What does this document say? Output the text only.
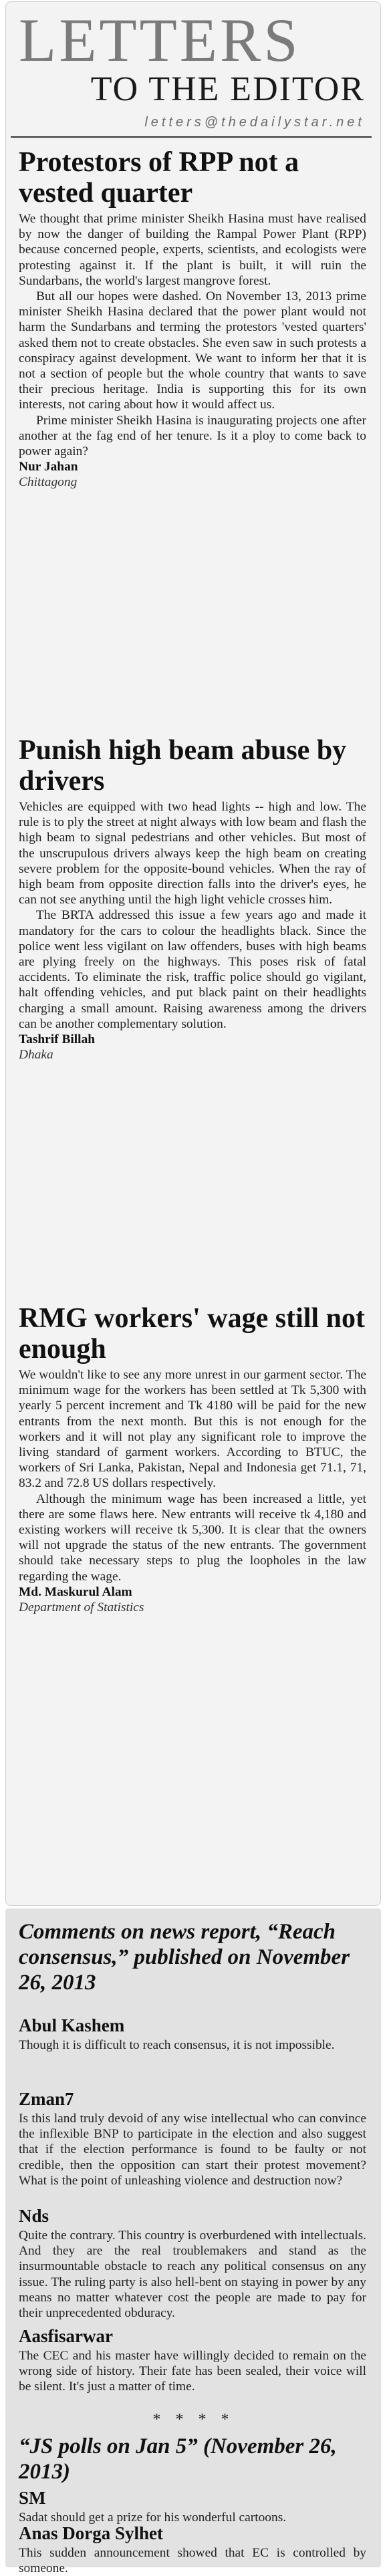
LETTERS
TO THE EDITOR
letters@thedailystar.net
Protestors of RPP not a vested quarter

We thought that prime minister Sheikh Hasina must have realised by now the danger of building the Rampal Power Plant (RPP) because concerned people, experts, scientists, and ecologists were protesting against it. If the plant is built, it will ruin the Sundarbans, the world's largest mangrove forest.

But all our hopes were dashed. On November 13, 2013 prime minister Sheikh Hasina declared that the power plant would not harm the Sundarbans and terming the protestors 'vested quarters' asked them not to create obstacles. She even saw in such protests a conspiracy against development. We want to inform her that it is not a section of people but the whole country that wants to save their precious heritage. India is supporting this for its own interests, not caring about how it would affect us.

Prime minister Sheikh Hasina is inaugurating projects one after another at the fag end of her tenure. Is it a ploy to come back to power again?

Nur Jahan
Chittagong
Punish high beam abuse by drivers

Vehicles are equipped with two head lights -- high and low. The rule is to ply the street at night always with low beam and flash the high beam to signal pedestrians and other vehicles. But most of the unscrupulous drivers always keep the high beam on creating severe problem for the opposite-bound vehicles. When the ray of high beam from opposite direction falls into the driver's eyes, he can not see anything until the high light vehicle crosses him.

The BRTA addressed this issue a few years ago and made it mandatory for the cars to colour the headlights black. Since the police went less vigilant on law offenders, buses with high beams are plying freely on the highways. This poses risk of fatal accidents. To eliminate the risk, traffic police should go vigilant, halt offending vehicles, and put black paint on their headlights charging a small amount. Raising awareness among the drivers can be another complementary solution.

Tashrif Billah
Dhaka
RMG workers' wage still not enough

We wouldn't like to see any more unrest in our garment sector. The minimum wage for the workers has been settled at Tk 5,300 with yearly 5 percent increment and Tk 4180 will be paid for the new entrants from the next month. But this is not enough for the workers and it will not play any significant role to improve the living standard of garment workers. According to BTUC, the workers of Sri Lanka, Pakistan, Nepal and Indonesia get 71.1, 71, 83.2 and 72.8 US dollars respectively.

Although the minimum wage has been increased a little, yet there are some flaws here. New entrants will receive tk 4,180 and existing workers will receive tk 5,300. It is clear that the owners will not upgrade the status of the new entrants. The government should take necessary steps to plug the loopholes in the law regarding the wage.

Md. Maskurul Alam
Department of Statistics
Comments on news report, “Reach consensus,” published on November 26, 2013
Abul Kashem
Though it is difficult to reach consensus, it is not impossible.
Zman7
Is this land truly devoid of any wise intellectual who can convince the inflexible BNP to participate in the election and also suggest that if the election performance is found to be faulty or not credible, then the opposition can start their protest movement? What is the point of unleashing violence and destruction now?
Nds
Quite the contrary. This country is overburdened with intellectuals. And they are the real troublemakers and stand as the insurmountable obstacle to reach any political consensus on any issue. The ruling party is also hell-bent on staying in power by any means no matter whatever cost the people are made to pay for their unprecedented obduracy.
Aasfisarwar
The CEC and his master have willingly decided to remain on the wrong side of history. Their fate has been sealed, their voice will be silent. It's just a matter of time.
* * * *
“JS polls on Jan 5” (November 26, 2013)
SM
Sadat should get a prize for his wonderful cartoons.
Anas Dorga Sylhet
This sudden announcement showed that EC is controlled by someone.
